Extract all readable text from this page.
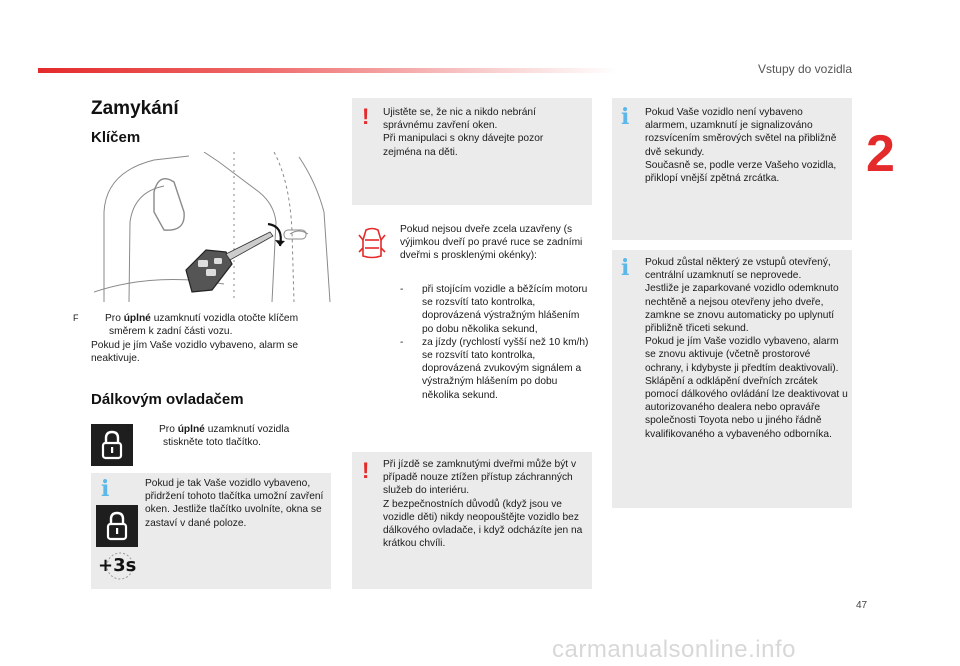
Vstupy do vozidla
2
Zamykání
Klíčem
F	Pro úplné uzamknutí vozidla otočte klíčem směrem k zadní části vozu.
Pokud je jím Vaše vozidlo vybaveno, alarm se neaktivuje.
Dálkovým ovladačem
F	Pro úplné uzamknutí vozidla stiskněte toto tlačítko.
i
+3s
Pokud je tak Vaše vozidlo vybaveno, přidržení tohoto tlačítka umožní zavření oken. Jestliže tlačítko uvolníte, okna se zastaví v dané poloze.
! Ujistěte se, že nic a nikdo nebrání správnému zavření oken.
Při manipulaci s okny dávejte pozor zejména na děti.
Pokud nejsou dveře zcela uzavřeny (s výjimkou dveří po pravé ruce se zadními dveřmi s prosklenými okénky):
- při stojícím vozidle a běžícím motoru se rozsvítí tato kontrolka, doprovázená výstražným hlášením po dobu několika sekund,
- za jízdy (rychlostí vyšší než 10 km/h) se rozsvítí tato kontrolka, doprovázená zvukovým signálem a výstražným hlášením po dobu několika sekund.
! Při jízdě se zamknutými dveřmi může být v případě nouze ztížen přístup záchranných služeb do interiéru.
Z bezpečnostních důvodů (když jsou ve vozidle děti) nikdy neopouštějte vozidlo bez dálkového ovladače, i když odcházíte jen na krátkou chvíli.
i Pokud Vaše vozidlo není vybaveno alarmem, uzamknutí je signalizováno rozsvícením směrových světel na přibližně dvě sekundy.
Současně se, podle verze Vašeho vozidla, přiklopí vnější zpětná zrcátka.
i Pokud zůstal některý ze vstupů otevřený, centrální uzamknutí se neprovede.
Jestliže je zaparkované vozidlo odemknuto nechtěně a nejsou otevřeny jeho dveře, zamkne se znovu automaticky po uplynutí přibližně třiceti sekund.
Pokud je jím Vaše vozidlo vybaveno, alarm se znovu aktivuje (včetně prostorové ochrany, i kdybyste ji předtím deaktivovali).
Sklápění a odklápění dveřních zrcátek pomocí dálkového ovládání lze deaktivovat u autorizovaného dealera nebo opraváře společnosti Toyota nebo u jiného řádně kvalifikovaného a vybaveného odborníka.
47
carmanualsonline.info
